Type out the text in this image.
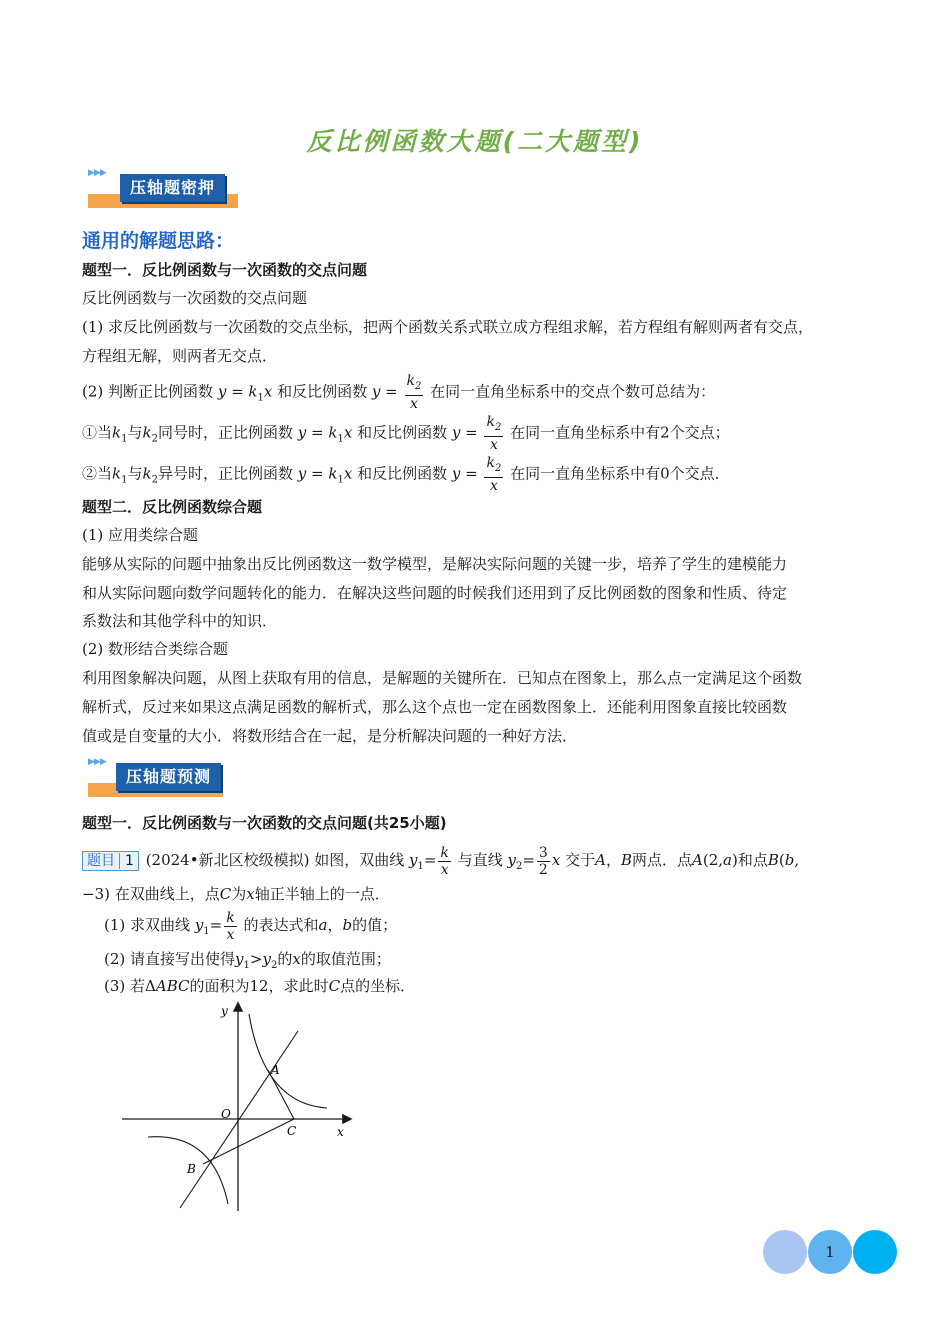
反比例函数大题(二大题型)
▶▶▶
压轴题密押
通用的解题思路：
题型一．反比例函数与一次函数的交点问题
反比例函数与一次函数的交点问题
(1) 求反比例函数与一次函数的交点坐标，把两个函数关系式联立成方程组求解，若方程组有解则两者有交点，
方程组无解，则两者无交点．
(2) 判断正比例函数 $y = k_1x$ 和反比例函数 $y = \frac{k_2}{x}$ 在同一直角坐标系中的交点个数可总结为：
①当$k_1$与$k_2$同号时，正比例函数 $y = k_1x$ 和反比例函数 $y = \frac{k_2}{x}$ 在同一直角坐标系中有2个交点；
②当$k_1$与$k_2$异号时，正比例函数 $y = k_1x$ 和反比例函数 $y = \frac{k_2}{x}$ 在同一直角坐标系中有0个交点．
题型二．反比例函数综合题
(1) 应用类综合题
能够从实际的问题中抽象出反比例函数这一数学模型，是解决实际问题的关键一步，培养了学生的建模能力
和从实际问题向数学问题转化的能力．在解决这些问题的时候我们还用到了反比例函数的图象和性质、待定
系数法和其他学科中的知识．
(2) 数形结合类综合题
利用图象解决问题，从图上获取有用的信息，是解题的关键所在．已知点在图象上，那么点一定满足这个函数
解析式，反过来如果这点满足函数的解析式，那么这个点也一定在函数图象上．还能利用图象直接比较函数
值或是自变量的大小．将数形结合在一起，是分析解决问题的一种好方法．
▶▶▶
压轴题预测
题型一．反比例函数与一次函数的交点问题(共25小题)
题目 1 (2024•新北区校级模拟) 如图，双曲线 $y_1= \frac{k}{x}$ 与直线 $y_2= \frac{3}{2}$ x 交于A，B两点．点A(2,a)和点B(b,
−3) 在双曲线上，点C为x轴正半轴上的一点．
(1) 求双曲线 $y_1= \frac{k}{x}$ 的表达式和a，b的值；
(2) 请直接写出使得$y_1>y_2$的x的取值范围；
(3) 若ΔABC的面积为12，求此时C点的坐标．
y
x
O
A
B
C
1
